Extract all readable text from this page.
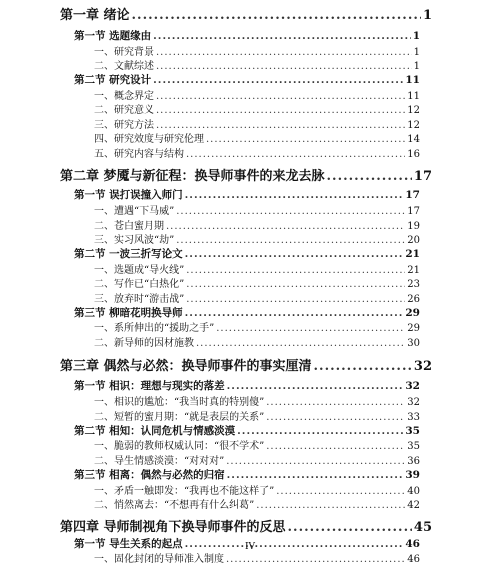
第一章 绪论 .....	1
第一节 选题缘由 .....	1
一、研究背景 .....	1
二、文献综述 .....	1
第二节 研究设计 .....	11
一、概念界定 .....	11
二、研究意义 .....	12
三、研究方法 .....	12
四、研究效度与研究伦理 .....	14
五、研究内容与结构 .....	16
第二章 梦魇与新征程：换导师事件的来龙去脉 .....	17
第一节 误打误撞入师门 .....	17
一、遭遇“下马威” .....	17
二、苍白蜜月期 .....	19
三、实习风波“劫” .....	20
第二节 一波三折写论文 .....	21
一、选题成“导火线” .....	21
二、写作已“白热化” .....	23
三、放弃时“游击战” .....	26
第三节 柳暗花明换导师 .....	29
一、系所伸出的“援助之手” .....	29
二、新导师的因材施教 .....	30
第三章 偶然与必然：换导师事件的事实厘清 .....	32
第一节 相识：理想与现实的落差 .....	32
一、相识的尴尬：“我当时真的特别傻” .....	32
二、短暂的蜜月期：“就是表层的关系” .....	33
第二节 相知：认同危机与情感淡漠 .....	35
一、脆弱的教师权威认同：“很不学术” .....	35
二、导生情感淡漠：“对对对” .....	36
第三节 相离：偶然与必然的归宿 .....	39
一、矛盾一触即发：“我再也不能这样了” .....	40
二、悄然离去：“不想再有什么纠葛” .....	42
第四章 导师制视角下换导师事件的反思 .....	45
第一节 导生关系的起点 .....	46
一、固化封闭的导师准入制度 .....	46
IV
